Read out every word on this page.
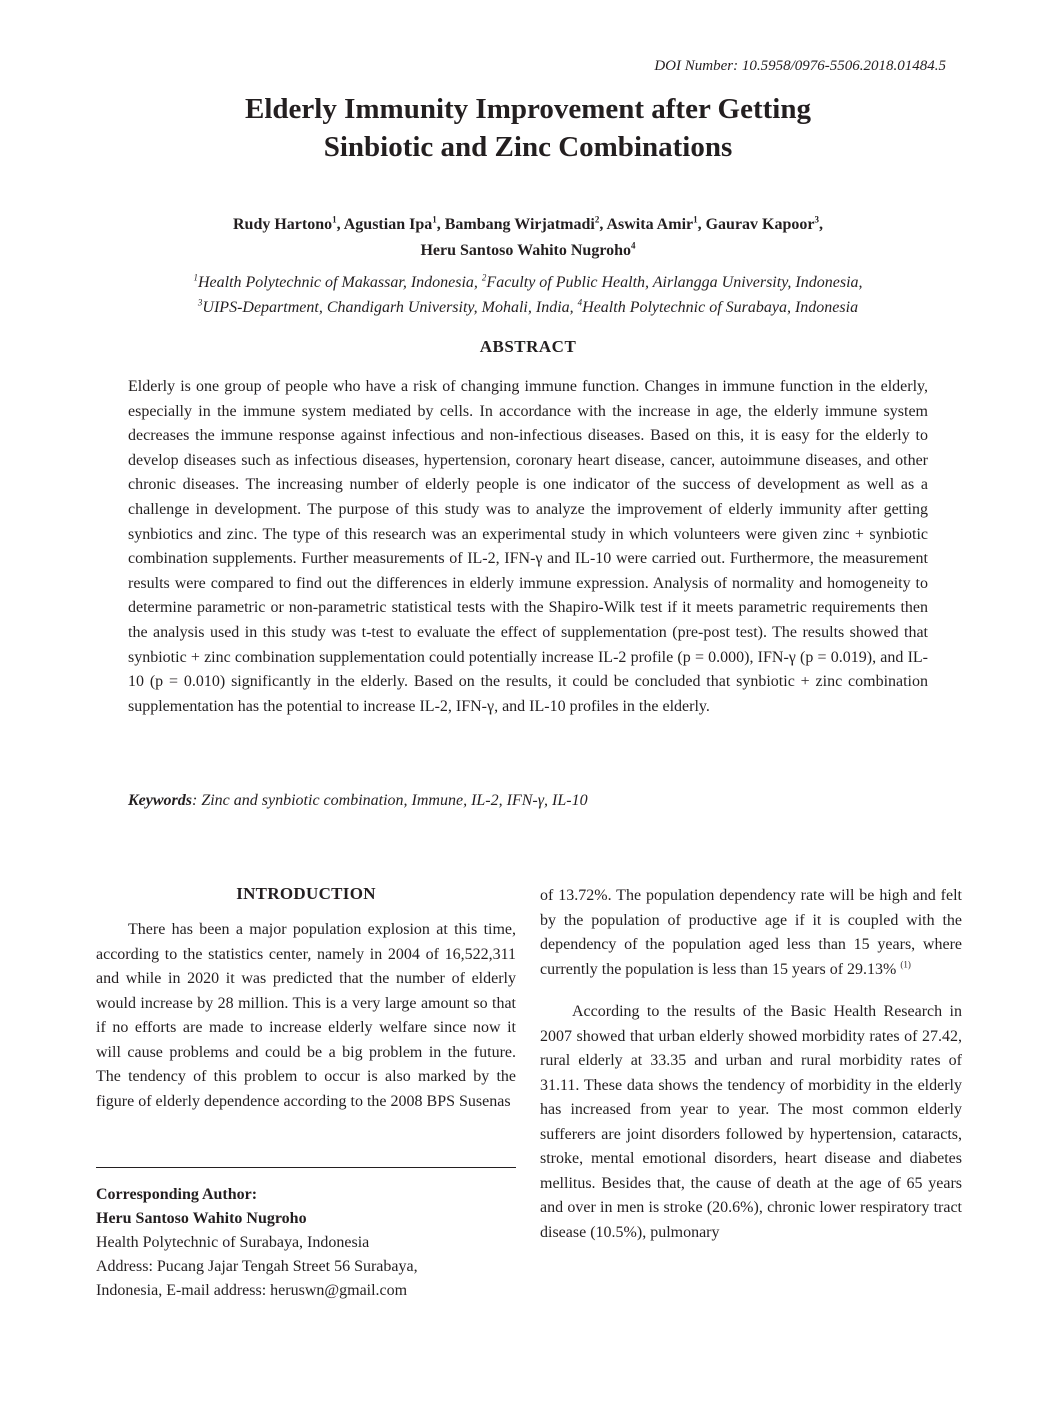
DOI Number: 10.5958/0976-5506.2018.01484.5
Elderly Immunity Improvement after Getting
Sinbiotic and Zinc Combinations
Rudy Hartono$^1$, Agustian Ipa$^1$, Bambang Wirjatmadi$^2$, Aswita Amir$^1$, Gaurav Kapoor$^3$,
Heru Santoso Wahito Nugroho$^4$
$^1$Health Polytechnic of Makassar, Indonesia, $^2$Faculty of Public Health, Airlangga University, Indonesia,
$^3$UIPS-Department, Chandigarh University, Mohali, India, $^4$Health Polytechnic of Surabaya, Indonesia
ABSTRACT
Elderly is one group of people who have a risk of changing immune function. Changes in immune function in the elderly, especially in the immune system mediated by cells. In accordance with the increase in age, the elderly immune system decreases the immune response against infectious and non-infectious diseases. Based on this, it is easy for the elderly to develop diseases such as infectious diseases, hypertension, coronary heart disease, cancer, autoimmune diseases, and other chronic diseases. The increasing number of elderly people is one indicator of the success of development as well as a challenge in development. The purpose of this study was to analyze the improvement of elderly immunity after getting synbiotics and zinc. The type of this research was an experimental study in which volunteers were given zinc + synbiotic combination supplements. Further measurements of IL-2, IFN-γ and IL-10 were carried out. Furthermore, the measurement results were compared to find out the differences in elderly immune expression. Analysis of normality and homogeneity to determine parametric or non-parametric statistical tests with the Shapiro-Wilk test if it meets parametric requirements then the analysis used in this study was t-test to evaluate the effect of supplementation (pre-post test). The results showed that synbiotic + zinc combination supplementation could potentially increase IL-2 profile (p = 0.000), IFN-γ (p = 0.019), and IL-10 (p = 0.010) significantly in the elderly. Based on the results, it could be concluded that synbiotic + zinc combination supplementation has the potential to increase IL-2, IFN-γ, and IL-10 profiles in the elderly.
Keywords: Zinc and synbiotic combination, Immune, IL-2, IFN-γ, IL-10
INTRODUCTION

There has been a major population explosion at this time, according to the statistics center, namely in 2004 of 16,522,311 and while in 2020 it was predicted that the number of elderly would increase by 28 million. This is a very large amount so that if no efforts are made to increase elderly welfare since now it will cause problems and could be a big problem in the future. The tendency of this problem to occur is also marked by the figure of elderly dependence according to the 2008 BPS Susenas

Corresponding Author:
Heru Santoso Wahito Nugroho
Health Polytechnic of Surabaya, Indonesia
Address: Pucang Jajar Tengah Street 56 Surabaya,
Indonesia, E-mail address: heruswn@gmail.com

of 13.72%. The population dependency rate will be high and felt by the population of productive age if it is coupled with the dependency of the population aged less than 15 years, where currently the population is less than 15 years of 29.13% $^{(1)}$

According to the results of the Basic Health Research in 2007 showed that urban elderly showed morbidity rates of 27.42, rural elderly at 33.35 and urban and rural morbidity rates of 31.11. These data shows the tendency of morbidity in the elderly has increased from year to year. The most common elderly sufferers are joint disorders followed by hypertension, cataracts, stroke, mental emotional disorders, heart disease and diabetes mellitus. Besides that, the cause of death at the age of 65 years and over in men is stroke (20.6%), chronic lower respiratory tract disease (10.5%), pulmonary
